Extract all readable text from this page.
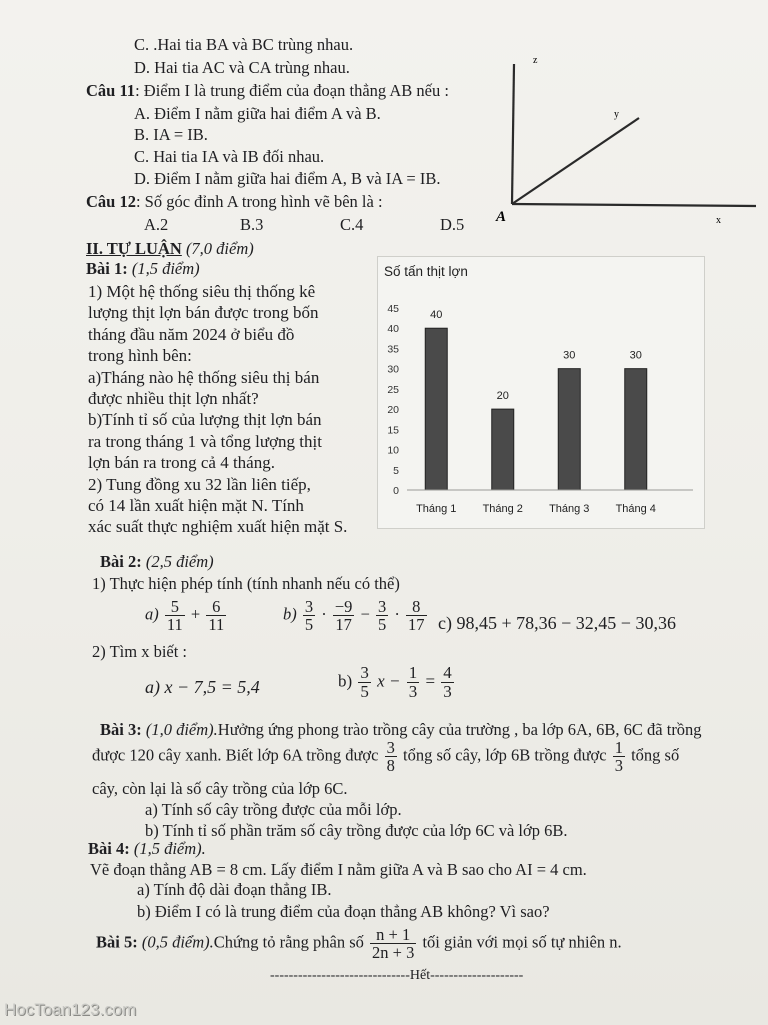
C. .Hai tia BA và BC trùng nhau.
D. Hai tia AC và CA trùng nhau.
Câu 11: Điểm I là trung điểm của đoạn thẳng AB nếu :
A. Điểm I nằm giữa hai điểm A và B.
B. IA = IB.
C. Hai tia IA và IB đối nhau.
D. Điểm I nằm giữa hai điểm A, B và IA = IB.
Câu 12: Số góc đỉnh A trong hình vẽ bên là :
A.2	B.3	C.4	D.5
z
y
x
A
II. TỰ LUẬN (7,0 điểm)
Bài 1: (1,5 điểm)
1) Một hệ thống siêu thị thống kê
lượng thịt lợn bán được trong bốn
tháng đầu năm 2024 ở biểu đồ
trong hình bên:
a)Tháng nào hệ thống siêu thị bán
được nhiều thịt lợn nhất?
b)Tính tỉ số của lượng thịt lợn bán
ra trong tháng 1 và tổng lượng thịt
lợn bán ra trong cả 4 tháng.
2) Tung đồng xu 32 lần liên tiếp,
có 14 lần xuất hiện mặt N. Tính
xác suất thực nghiệm xuất hiện mặt S.
Số tấn thịt lợn
0
5
10
15
20
25
30
35
40
45
40
Tháng 1
20
Tháng 2
30
Tháng 3
30
Tháng 4
Bài 2: (2,5 điểm)
1) Thực hiện phép tính (tính nhanh nếu có thể)
$a) \frac{5}{11} + \frac{6}{11}$	$b) \frac{3}{5} \cdot \frac{-9}{17} - \frac{3}{5} \cdot \frac{8}{17} c$) 98,45 + 78,36 − 32,45 − 30,36
2) Tìm x biết :
a) x − 7,5 = 5,4	$b) \frac{3}{5}$ $x - \frac{1}{3} = \frac{4}{3}$
Bài 3: (1,0 điểm).Hưởng ứng phong trào trồng cây của trường , ba lớp 6A, 6B, 6C đã trồng
được 120 cây xanh. Biết lớp 6A trồng được $\frac{3}{8}$ tổng số cây, lớp 6B trồng được $\frac{1}{3}$ tổng số
cây, còn lại là số cây trồng của lớp 6C.
a) Tính số cây trồng được của mỗi lớp.
b) Tính tỉ số phần trăm số cây trồng được của lớp 6C và lớp 6B.
Bài 4: (1,5 điểm).
Vẽ đoạn thẳng AB = 8 cm. Lấy điểm I nằm giữa A và B sao cho AI = 4 cm.
a) Tính độ dài đoạn thẳng IB.
b) Điểm I có là trung điểm của đoạn thẳng AB không? Vì sao?
Bài 5: (0,5 điểm).Chứng tỏ rằng phân số $\frac{n + 1}{2n + 3}$ tối giản với mọi số tự nhiên n.
------------------------------Hết--------------------
HocToan123.com
